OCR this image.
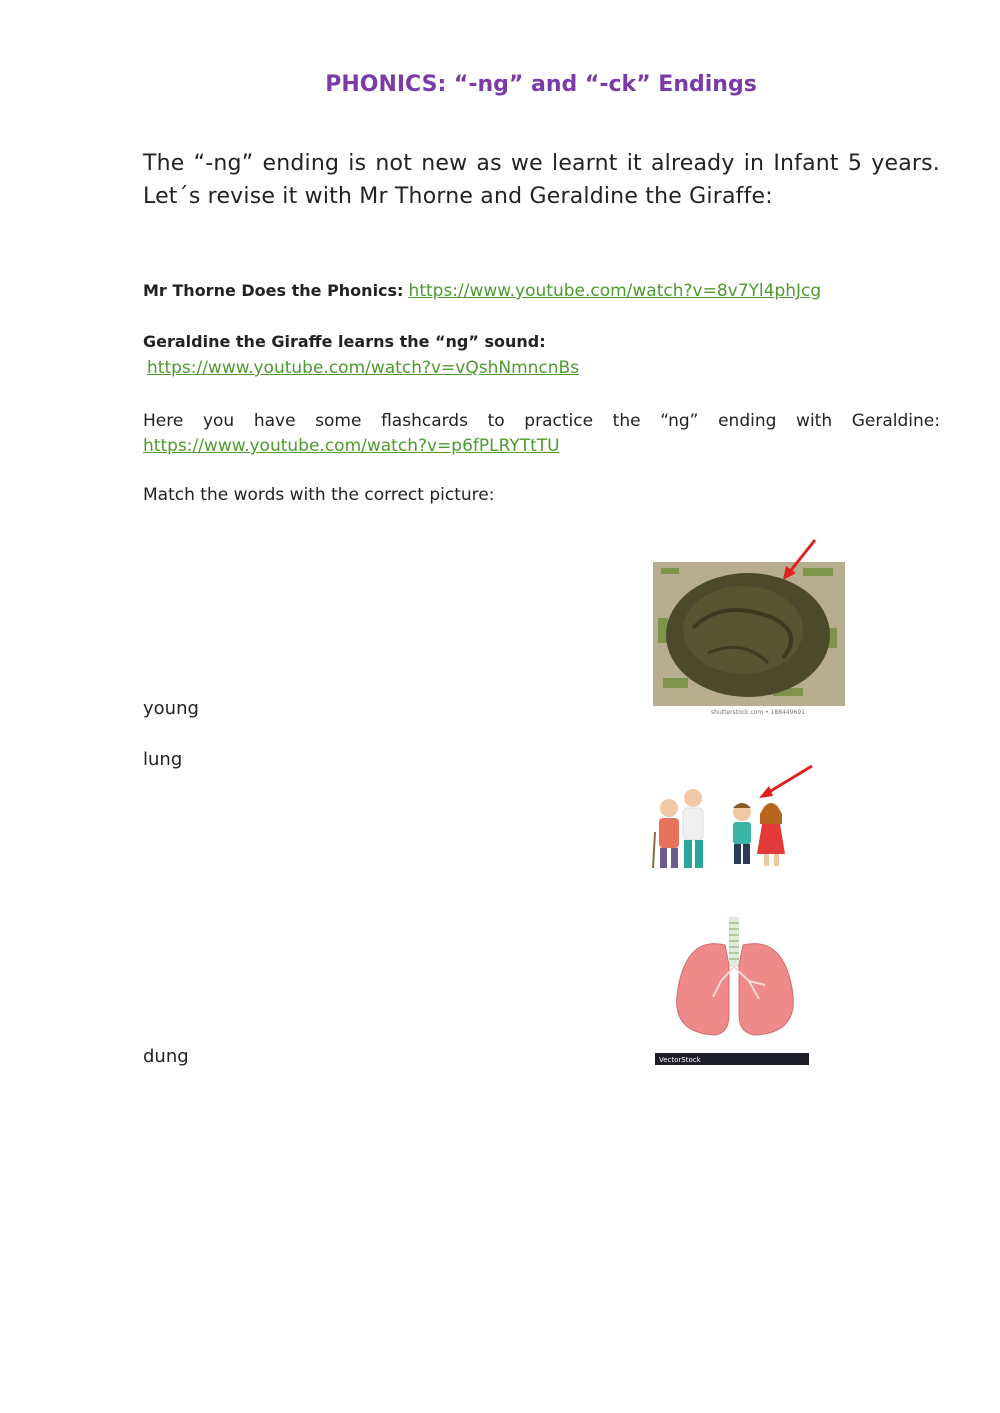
PHONICS: “-ng” and “-ck” Endings
The “-ng” ending is not new as we learnt it already in Infant 5 years. Let´s revise it with Mr Thorne and Geraldine the Giraffe:
Mr Thorne Does the Phonics: https://www.youtube.com/watch?v=8v7Yl4phJcg
Geraldine the Giraffe learns the “ng” sound:
https://www.youtube.com/watch?v=vQshNmncnBs
Here you have some flashcards to practice the “ng” ending with Geraldine: https://www.youtube.com/watch?v=p6fPLRYTtTU
Match the words with the correct picture:
young
lung
dung
shutterstock.com • 188449691
VectorStock
